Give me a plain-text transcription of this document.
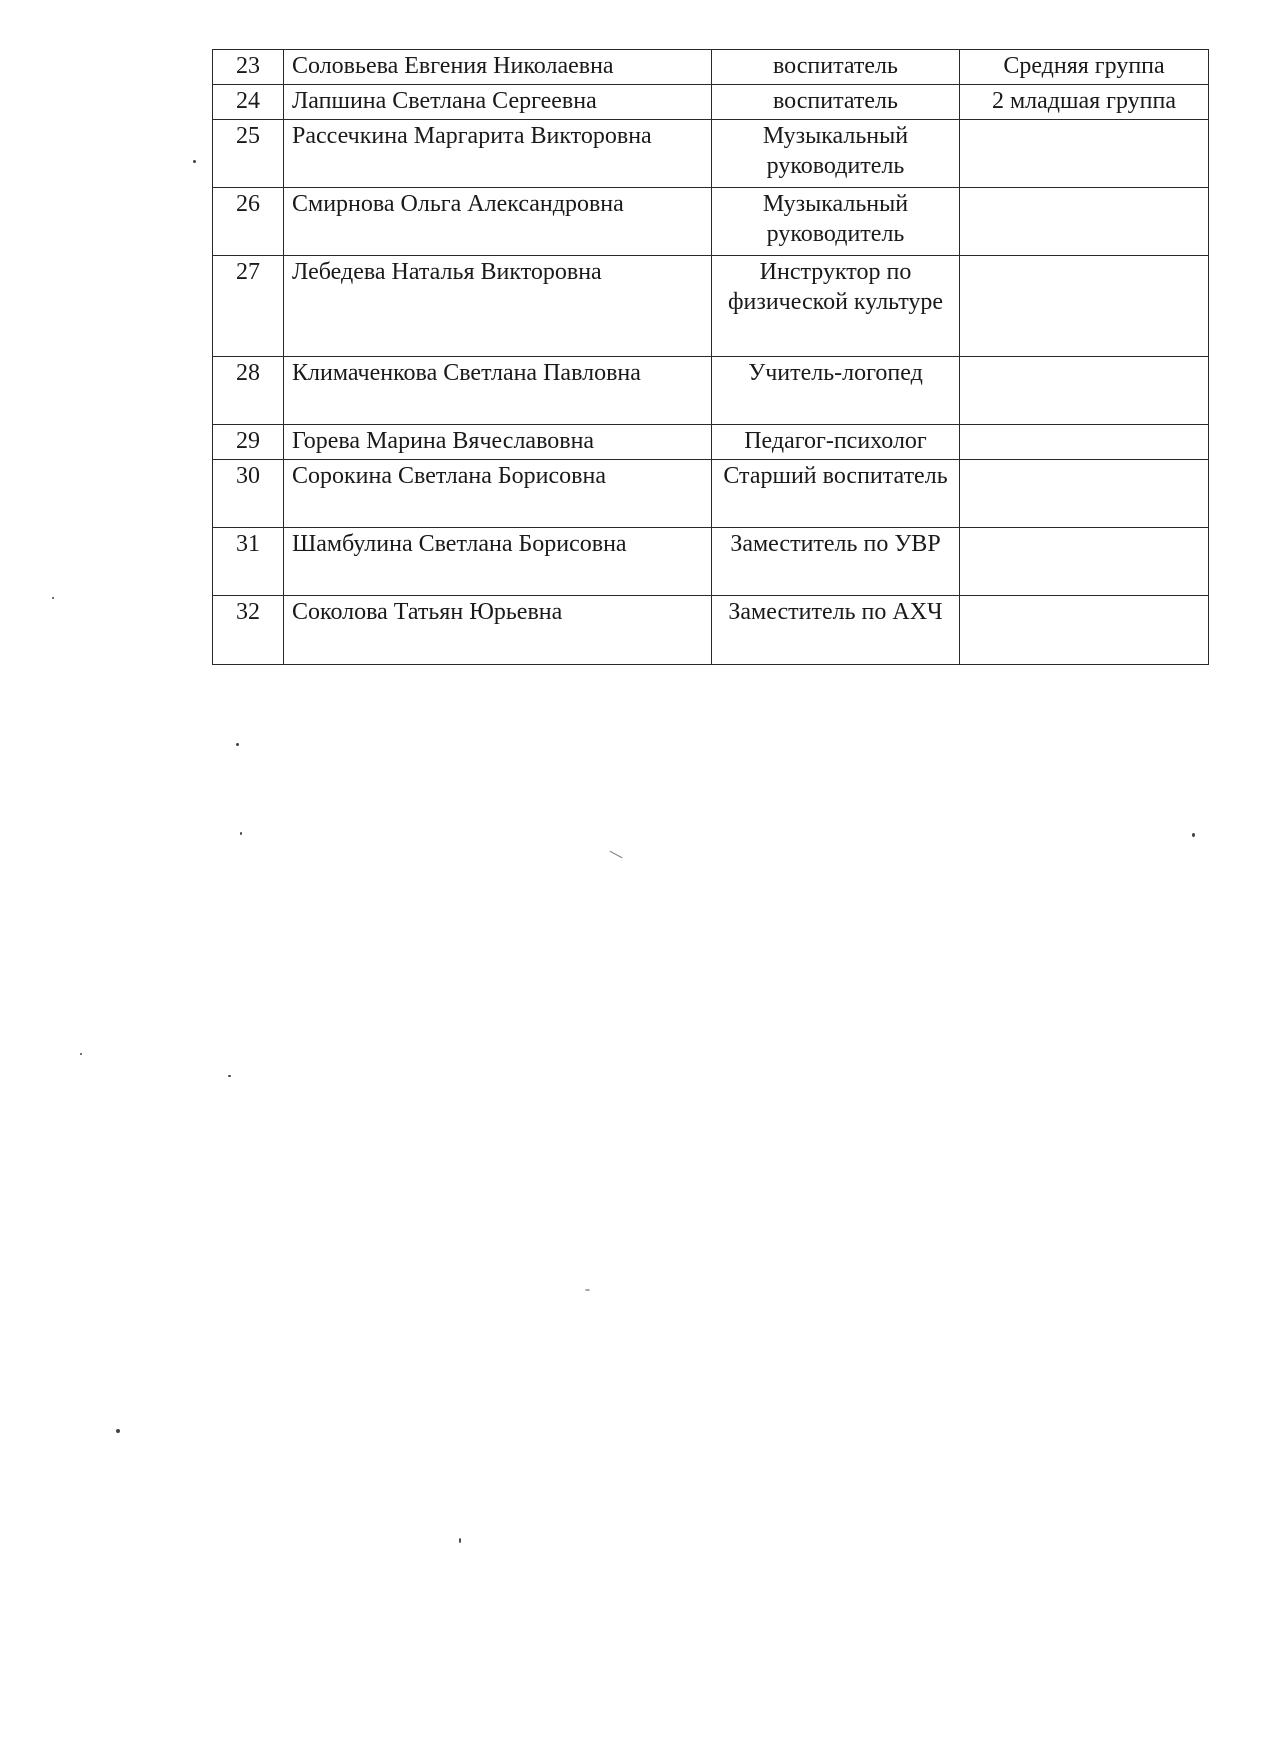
23	Соловьева Евгения Николаевна	воспитатель	Средняя группа
24	Лапшина Светлана Сергеевна	воспитатель	2 младшая группа
25	Рассечкина Маргарита Викторовна	Музыкальный руководитель	
26	Смирнова Ольга Александровна	Музыкальный руководитель	
27	Лебедева Наталья Викторовна	Инструктор по физической культуре	
28	Климаченкова Светлана Павловна	Учитель-логопед	
29	Горева Марина Вячеславовна	Педагог-психолог	
30	Сорокина Светлана Борисовна	Старший воспитатель	
31	Шамбулина Светлана Борисовна	Заместитель по УВР	
32	Соколова Татьян Юрьевна	Заместитель по АХЧ	
